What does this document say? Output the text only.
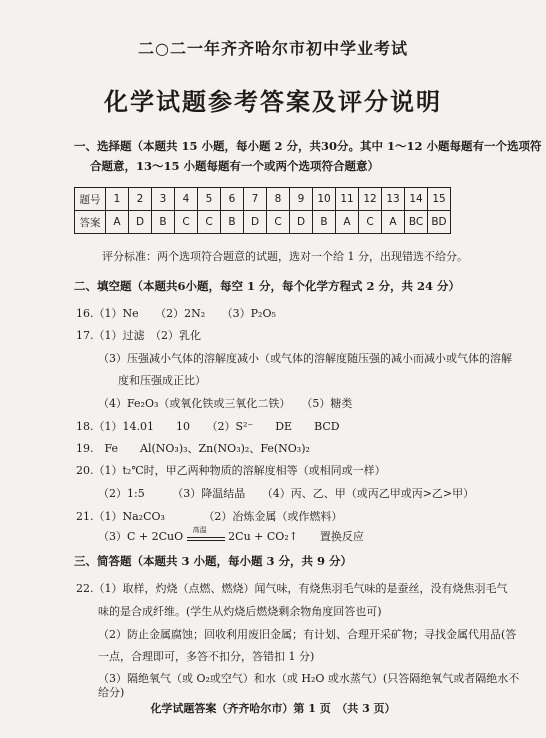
二○二一年齐齐哈尔市初中学业考试
化学试题参考答案及评分说明
一、选择题（本题共 15 小题，每小题 2 分，共30分。其中 1～12 小题每题有一个选项符
合题意，13～15 小题每题有一个或两个选项符合题意）
题号	1	2	3	4	5	6	7	8	9	10	11	12	13	14	15
答案	A	D	B	C	C	B	D	C	D	B	A	C	A	BC	BD
评分标准：两个选项符合题意的试题，选对一个给 1 分，出现错选不给分。
二、填空题（本题共6小题，每空 1 分，每个化学方程式 2 分，共 24 分）
16.（1）Ne　　（2）2N₂　　（3）P₂O₅
17.（1）过滤　（2）乳化
（3）压强减小气体的溶解度减小（或气体的溶解度随压强的减小而减小或气体的溶解
度和压强成正比）
（4）Fe₂O₃（或氧化铁或三氧化二铁）　　（5）糖类
18.（1）14.01　　10　　（2）S²⁻　　DE　　BCD
19.　Fe　　Al(NO₃)₃、Zn(NO₃)₂、Fe(NO₃)₂
20.（1）t₂℃时，甲乙两种物质的溶解度相等（或相同或一样）
（2）1:5　　　（3）降温结晶　　（4）丙、乙、甲（或丙乙甲或丙>乙>甲）
21.（1）Na₂CO₃　　　　（2）冶炼金属（或作燃料）
（3）C + 2CuO
高温
2Cu + CO₂↑　　置换反应
三、简答题（本题共 3 小题，每小题 3 分，共 9 分）
22.（1）取样，灼烧（点燃、燃烧）闻气味，有烧焦羽毛气味的是蚕丝，没有烧焦羽毛气
味的是合成纤维。(学生从灼烧后燃烧剩余物角度回答也可)
（2）防止金属腐蚀；回收利用废旧金属；有计划、合理开采矿物；寻找金属代用品(答
一点，合理即可，多答不扣分，答错扣 1 分)
（3）隔绝氧气（或 O₂或空气）和水（或 H₂O 或水蒸气）(只答隔绝氧气或者隔绝水不
给分)
化学试题答案（齐齐哈尔市）第 1 页　（共 3 页）
